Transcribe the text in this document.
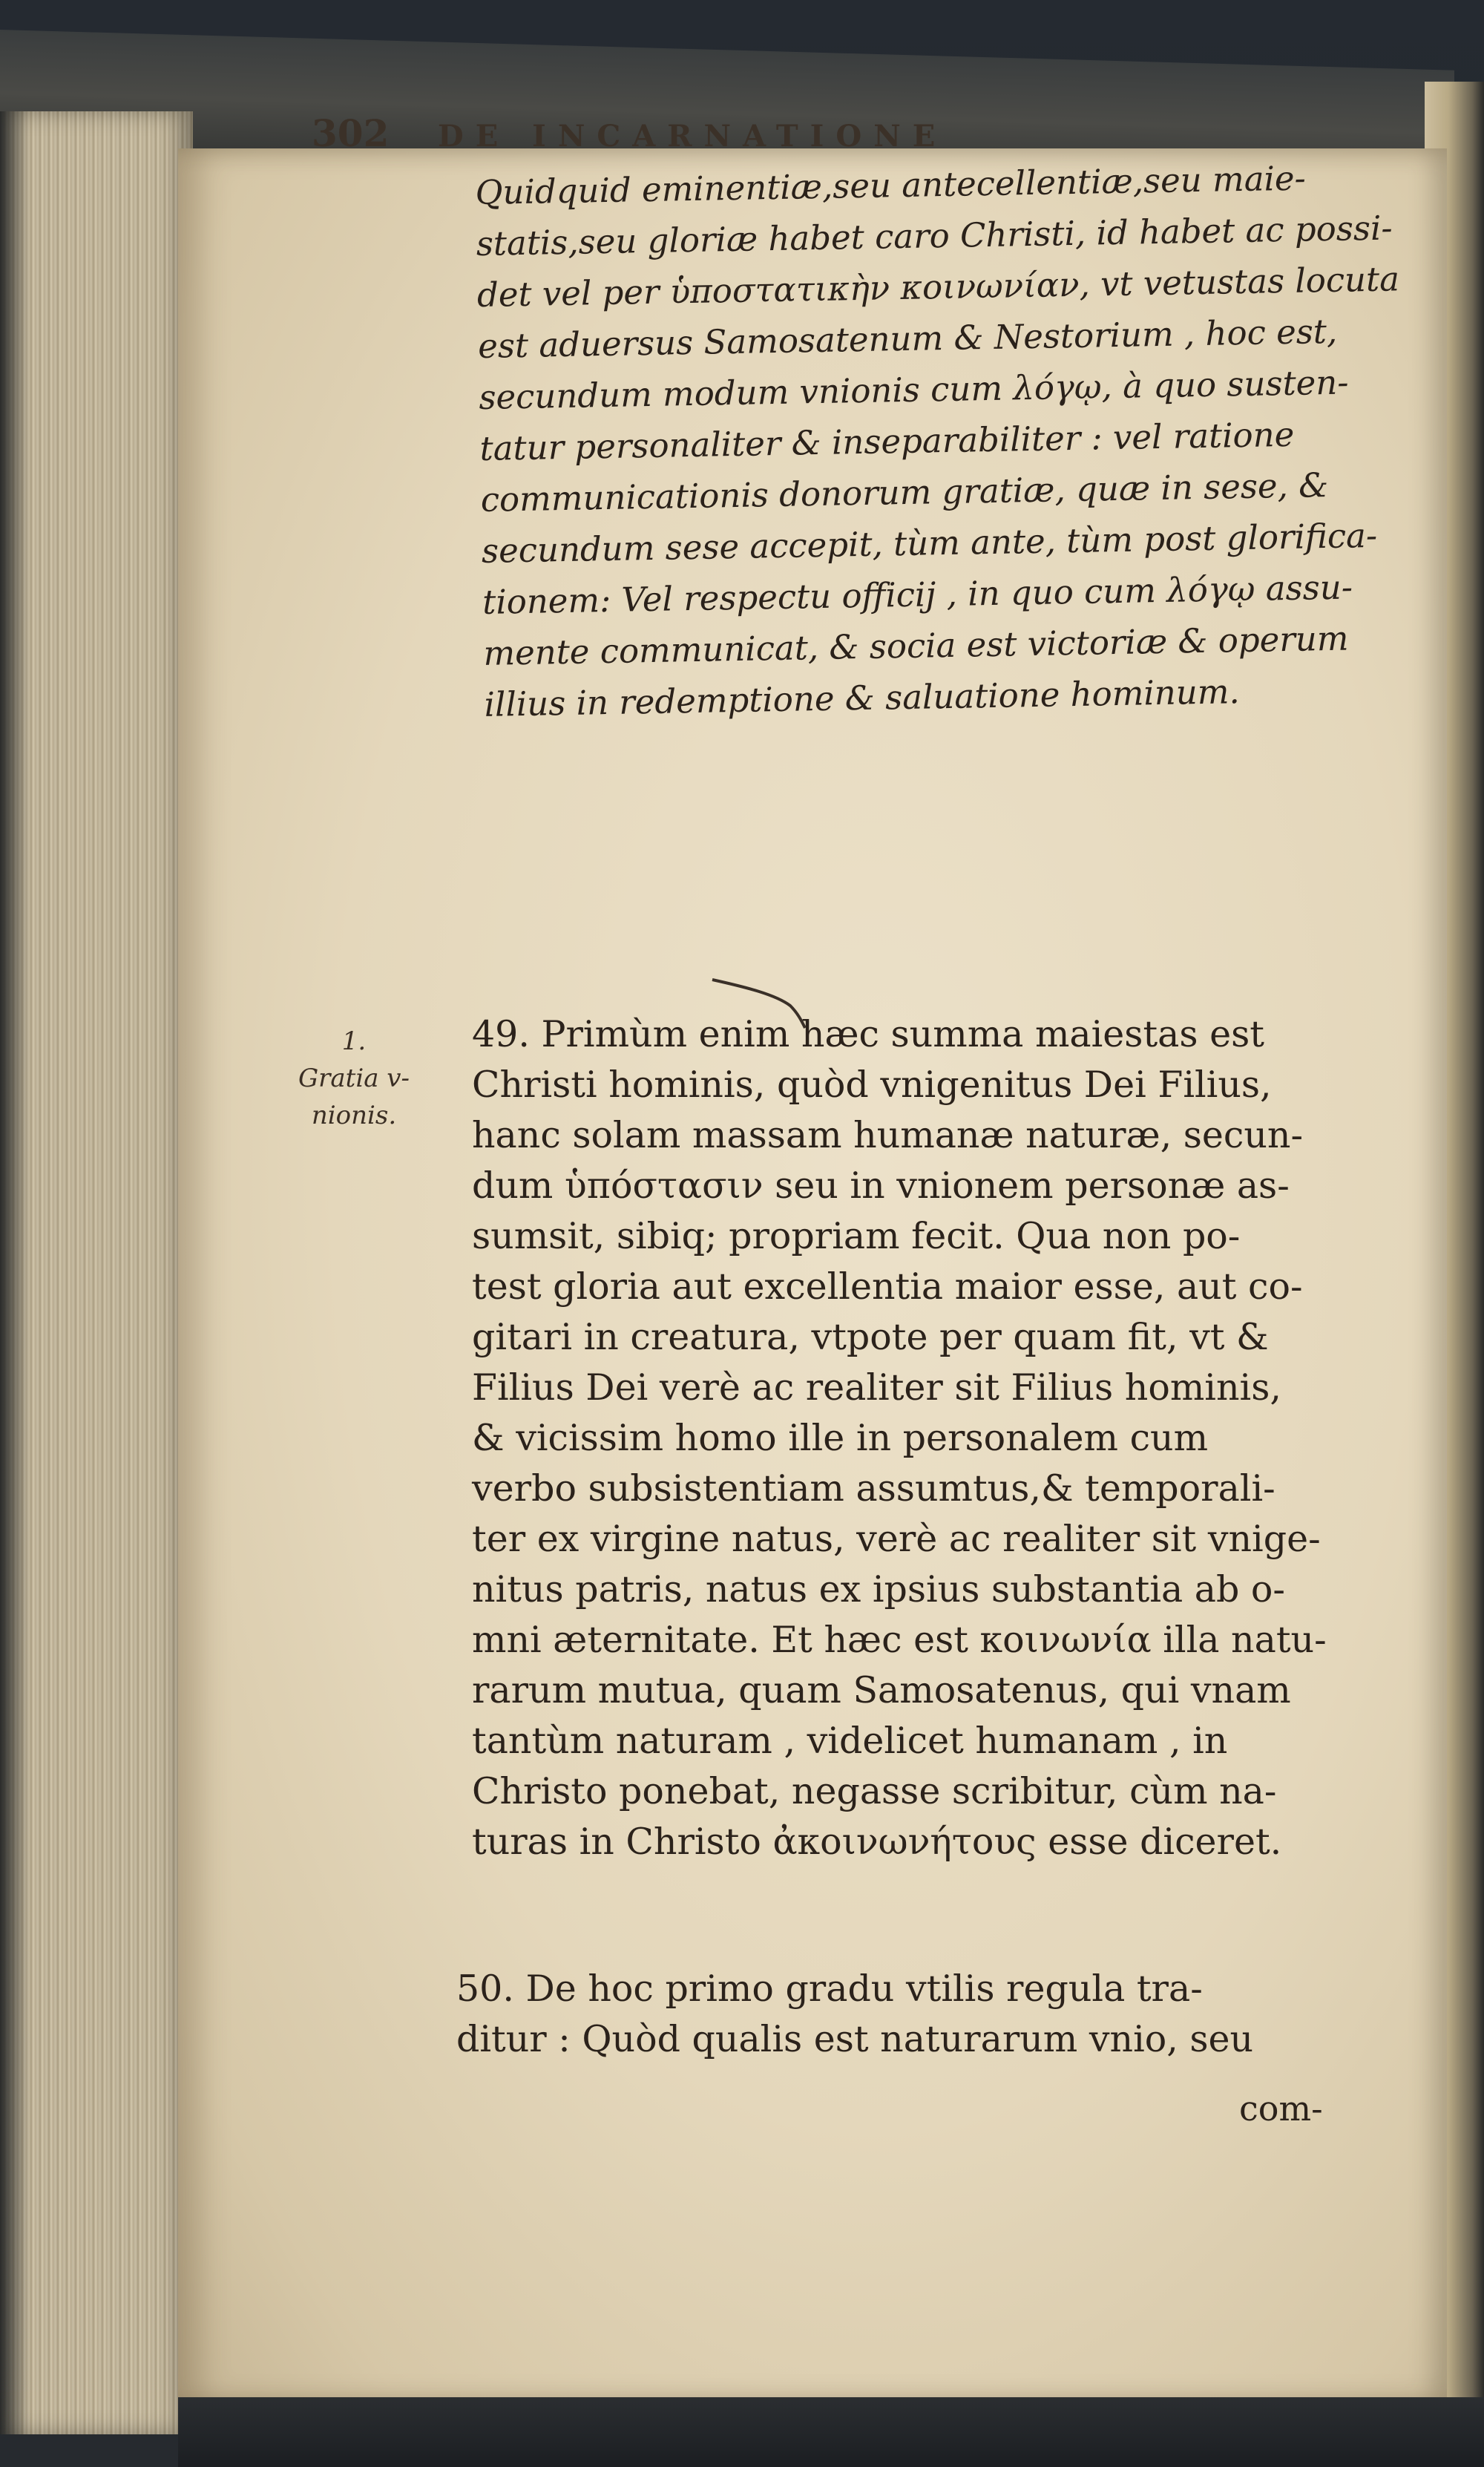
302 DE INCARNATIONE
Quidquid eminentiæ,seu antecellentiæ,seu maie-
statis,seu gloriæ habet caro Christi, id habet ac possi-
det vel per ὑποστατικὴν κοινωνίαν, vt vetustas locuta
est aduersus Samosatenum & Nestorium , hoc est,
secundum modum vnionis cum λόγῳ, à quo susten-
tatur personaliter & inseparabiliter : vel ratione
communicationis donorum gratiæ, quæ in sese, &
secundum sese accepit, tùm ante, tùm post glorifica-
tionem: Vel respectu officij , in quo cum λόγῳ assu-
mente communicat, & socia est victoriæ & operum
illius in redemptione & saluatione hominum.
1.
Gratia v-
nionis.
49. Primùm enim hæc summa maiestas est
Christi hominis, quòd vnigenitus Dei Filius,
hanc solam massam humanæ naturæ, secun-
dum ὑπόστασιν seu in vnionem personæ as-
sumsit, sibiq; propriam fecit. Qua non po-
test gloria aut excellentia maior esse, aut co-
gitari in creatura, vtpote per quam fit, vt &
Filius Dei verè ac realiter sit Filius hominis,
& vicissim homo ille in personalem cum
verbo subsistentiam assumtus,& temporali-
ter ex virgine natus, verè ac realiter sit vnige-
nitus patris, natus ex ipsius substantia ab o-
mni æternitate. Et hæc est κοινωνία illa natu-
rarum mutua, quam Samosatenus, qui vnam
tantùm naturam , videlicet humanam , in
Christo ponebat, negasse scribitur, cùm na-
turas in Christo ἀκοινωνήτους esse diceret.
50. De hoc primo gradu vtilis regula tra-
ditur : Quòd qualis est naturarum vnio, seu
com-
